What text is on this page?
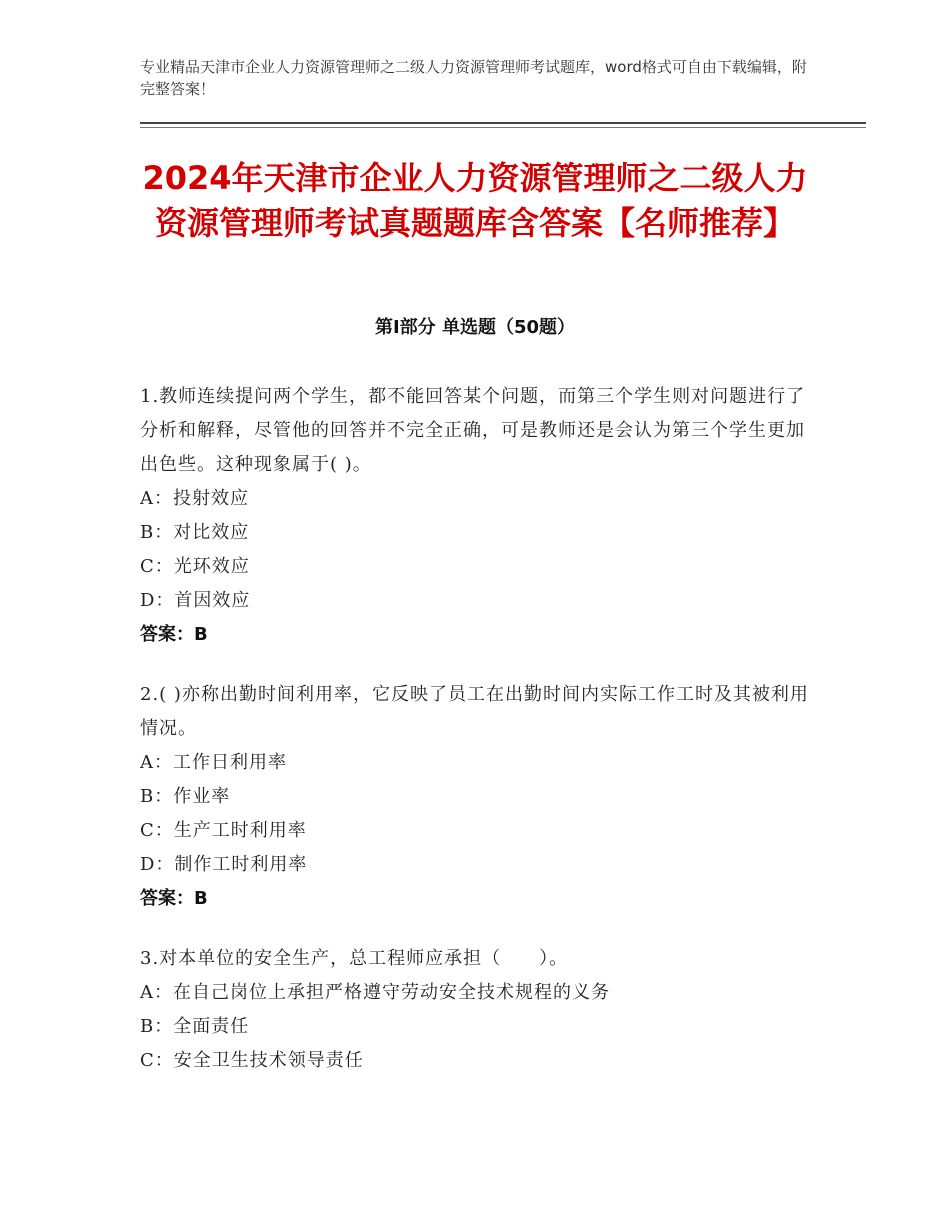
专业精品天津市企业人力资源管理师之二级人力资源管理师考试题库，word格式可自由下载编辑，附完整答案！
2024年天津市企业人力资源管理师之二级人力资源管理师考试真题题库含答案【名师推荐】
第Ⅰ部分 单选题（50题）
1.教师连续提问两个学生，都不能回答某个问题，而第三个学生则对问题进行了分析和解释，尽管他的回答并不完全正确，可是教师还是会认为第三个学生更加出色些。这种现象属于( )。
A：投射效应
B：对比效应
C：光环效应
D：首因效应
答案：B
2.( )亦称出勤时间利用率，它反映了员工在出勤时间内实际工作工时及其被利用情况。
A：工作日利用率
B：作业率
C：生产工时利用率
D：制作工时利用率
答案：B
3.对本单位的安全生产，总工程师应承担（　　）。
A：在自己岗位上承担严格遵守劳动安全技术规程的义务
B：全面责任
C：安全卫生技术领导责任
